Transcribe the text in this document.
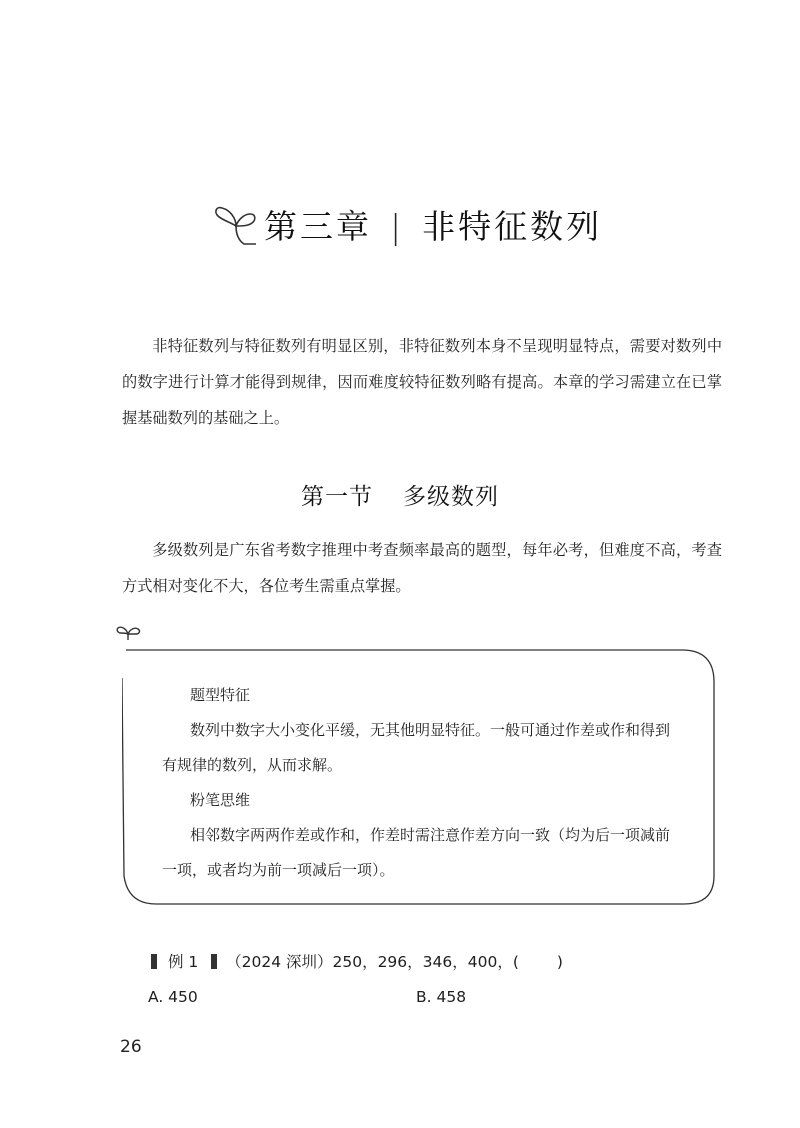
第三章 | 非特征数列

非特征数列与特征数列有明显区别，非特征数列本身不呈现明显特点，需要对数列中的数字进行计算才能得到规律，因而难度较特征数列略有提高。本章的学习需建立在已掌握基础数列的基础之上。

第一节 多级数列

多级数列是广东省考数字推理中考查频率最高的题型，每年必考，但难度不高，考查方式相对变化不大，各位考生需重点掌握。

题型特征

数列中数字大小变化平缓，无其他明显特征。一般可通过作差或作和得到有规律的数列，从而求解。

粉笔思维

相邻数字两两作差或作和，作差时需注意作差方向一致（均为后一项减前一项，或者均为前一项减后一项）。

例 1 （2024 深圳）250，296，346，400，( )
A. 450	B. 458
26
